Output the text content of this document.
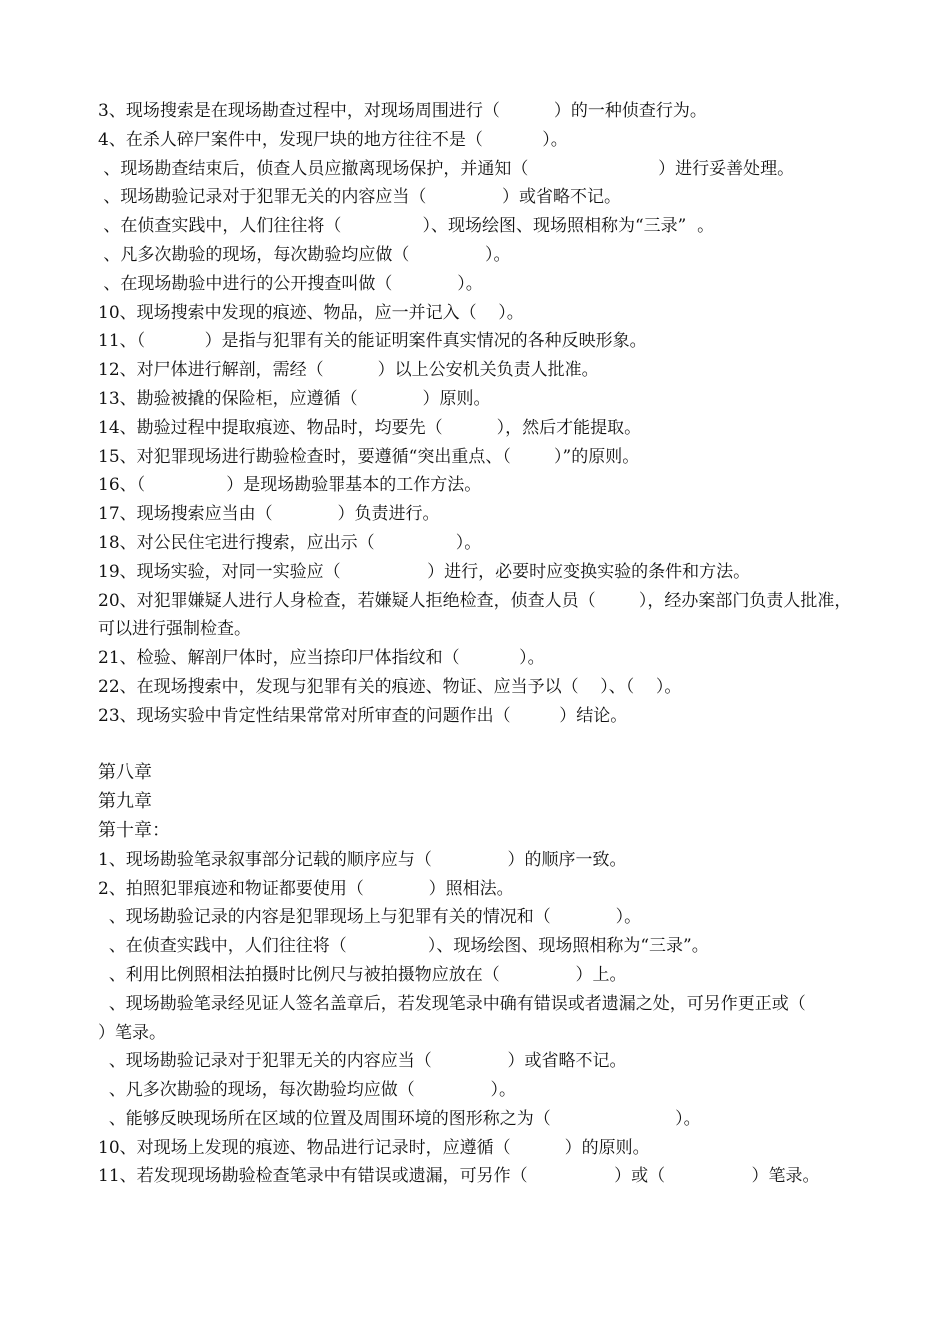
3、现场搜索是在现场勘查过程中，对现场周围进行（          ）的一种侦查行为。

4、在杀人碎尸案件中，发现尸块的地方往往不是（           ）。

、现场勘查结束后，侦查人员应撤离现场保护，并通知（                        ）进行妥善处理。

、现场勘验记录对于犯罪无关的内容应当（              ）或省略不记。

、在侦查实践中，人们往往将（               ）、现场绘图、现场照相称为“三录”  。

、凡多次勘验的现场，每次勘验均应做（              ）。

、在现场勘验中进行的公开搜查叫做（            ）。

10、现场搜索中发现的痕迹、物品，应一并记入（    ）。

11、（           ）是指与犯罪有关的能证明案件真实情况的各种反映形象。

12、对尸体进行解剖，需经（          ）以上公安机关负责人批准。

13、勘验被撬的保险柜，应遵循（            ）原则。

14、勘验过程中提取痕迹、物品时，均要先（          ），然后才能提取。

15、对犯罪现场进行勘验检查时，要遵循“突出重点、（        ）”的原则。

16、（               ）是现场勘验罪基本的工作方法。

17、现场搜索应当由（            ）负责进行。

18、对公民住宅进行搜索，应出示（               ）。

19、现场实验，对同一实验应（                ）进行，必要时应变换实验的条件和方法。

20、对犯罪嫌疑人进行人身检查，若嫌疑人拒绝检查，侦查人员（        ），经办案部门负责人批准，可以进行强制检查。

21、检验、解剖尸体时，应当捺印尸体指纹和（           ）。

22、在现场搜索中，发现与犯罪有关的痕迹、物证、应当予以（    ）、（    ）。

23、现场实验中肯定性结果常常对所审查的问题作出（         ）结论。

第八章

第九章

第十章：

1、现场勘验笔录叙事部分记载的顺序应与（              ）的顺序一致。

2、拍照犯罪痕迹和物证都要使用（            ）照相法。

、现场勘验记录的内容是犯罪现场上与犯罪有关的情况和（            ）。

、在侦查实践中，人们往往将（               ）、现场绘图、现场照相称为“三录”。

、利用比例照相法拍摄时比例尺与被拍摄物应放在（              ）上。

、现场勘验笔录经见证人签名盖章后，若发现笔录中确有错误或者遗漏之处，可另作更正或（            ）笔录。

、现场勘验记录对于犯罪无关的内容应当（              ）或省略不记。

、凡多次勘验的现场，每次勘验均应做（              ）。

、能够反映现场所在区域的位置及周围环境的图形称之为（                       ）。

10、对现场上发现的痕迹、物品进行记录时，应遵循（          ）的原则。

11、若发现现场勘验检查笔录中有错误或遗漏，可另作（                ）或（                ）笔录。
